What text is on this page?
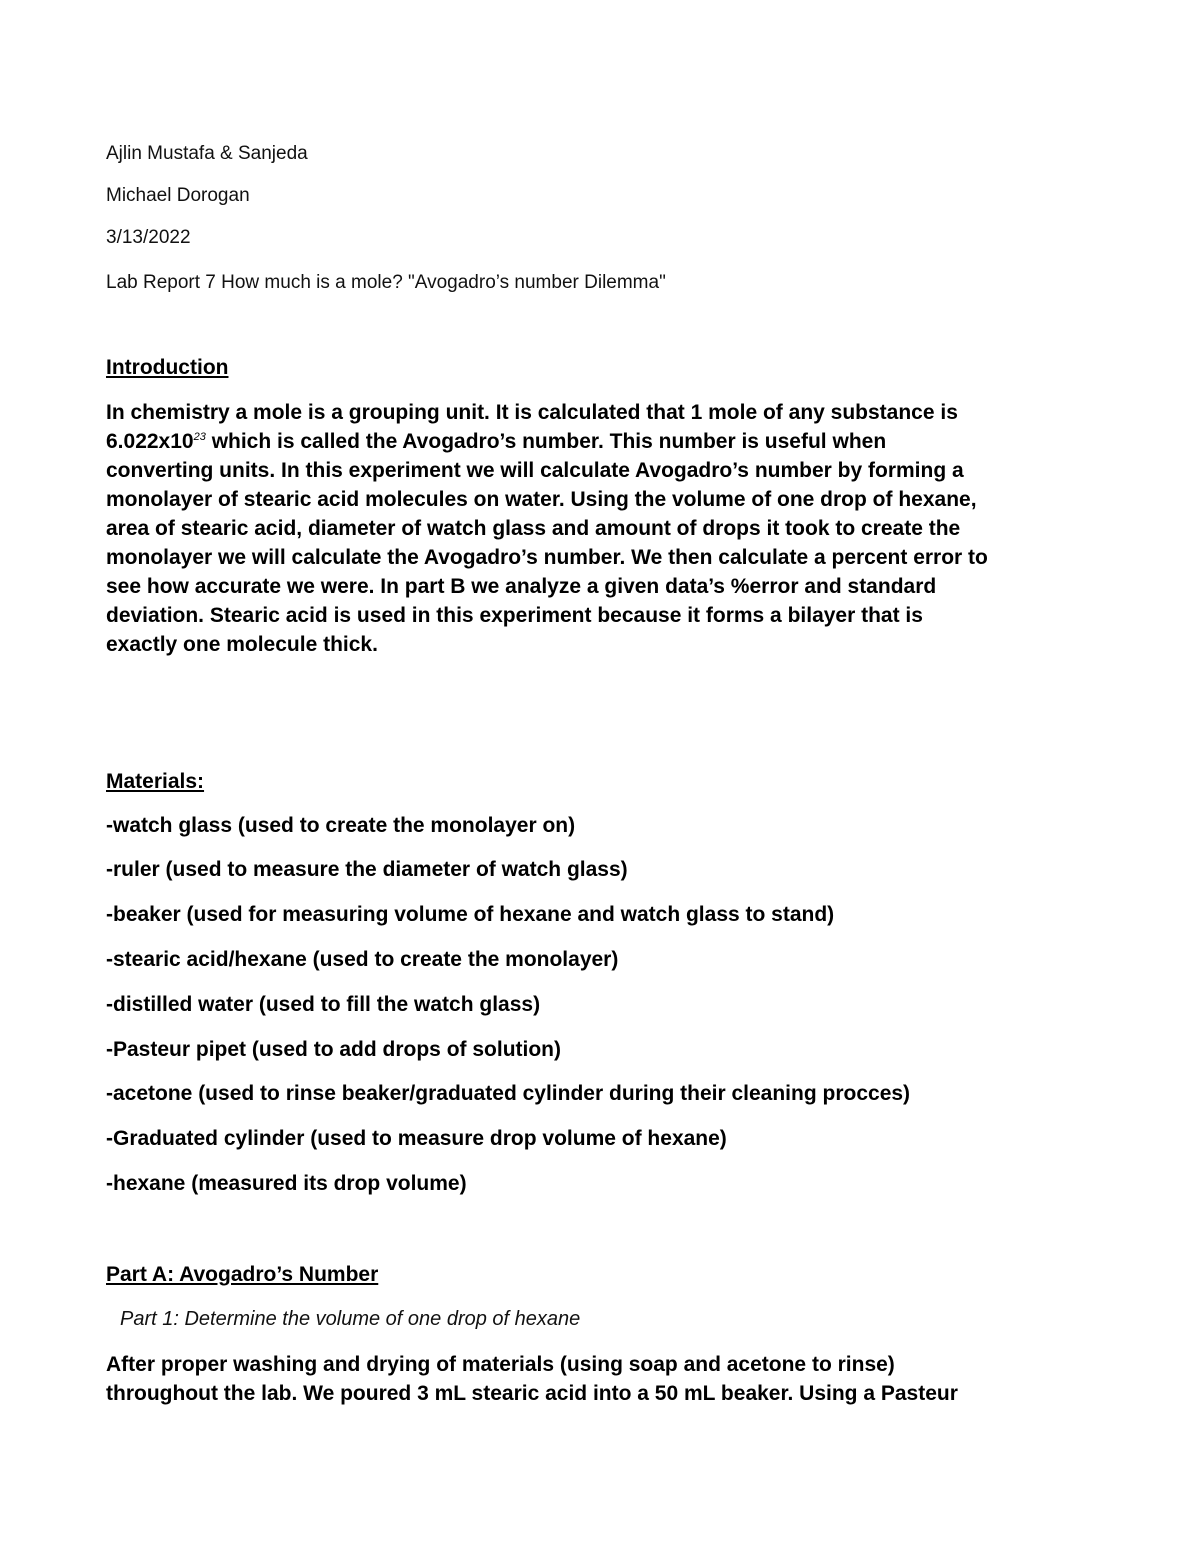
Ajlin Mustafa & Sanjeda
Michael Dorogan
3/13/2022
Lab Report 7 How much is a mole? "Avogadro’s number Dilemma"
Introduction
In chemistry a mole is a grouping unit. It is calculated that 1 mole of any substance is
$6.022x10^{23}$ which is called the Avogadro’s number. This number is useful when
converting units. In this experiment we will calculate Avogadro’s number by forming a
monolayer of stearic acid molecules on water. Using the volume of one drop of hexane,
area of stearic acid, diameter of watch glass and amount of drops it took to create the
monolayer we will calculate the Avogadro’s number. We then calculate a percent error to
see how accurate we were. In part B we analyze a given data’s %error and standard
deviation. Stearic acid is used in this experiment because it forms a bilayer that is
exactly one molecule thick.
Materials:
-watch glass (used to create the monolayer on)
-ruler (used to measure the diameter of watch glass)
-beaker (used for measuring volume of hexane and watch glass to stand)
-stearic acid/hexane (used to create the monolayer)
-distilled water (used to fill the watch glass)
-Pasteur pipet (used to add drops of solution)
-acetone (used to rinse beaker/graduated cylinder during their cleaning procces)
-Graduated cylinder (used to measure drop volume of hexane)
-hexane (measured its drop volume)
Part A: Avogadro’s Number
Part 1: Determine the volume of one drop of hexane
After proper washing and drying of materials (using soap and acetone to rinse)
throughout the lab. We poured 3 mL stearic acid into a 50 mL beaker. Using a Pasteur
